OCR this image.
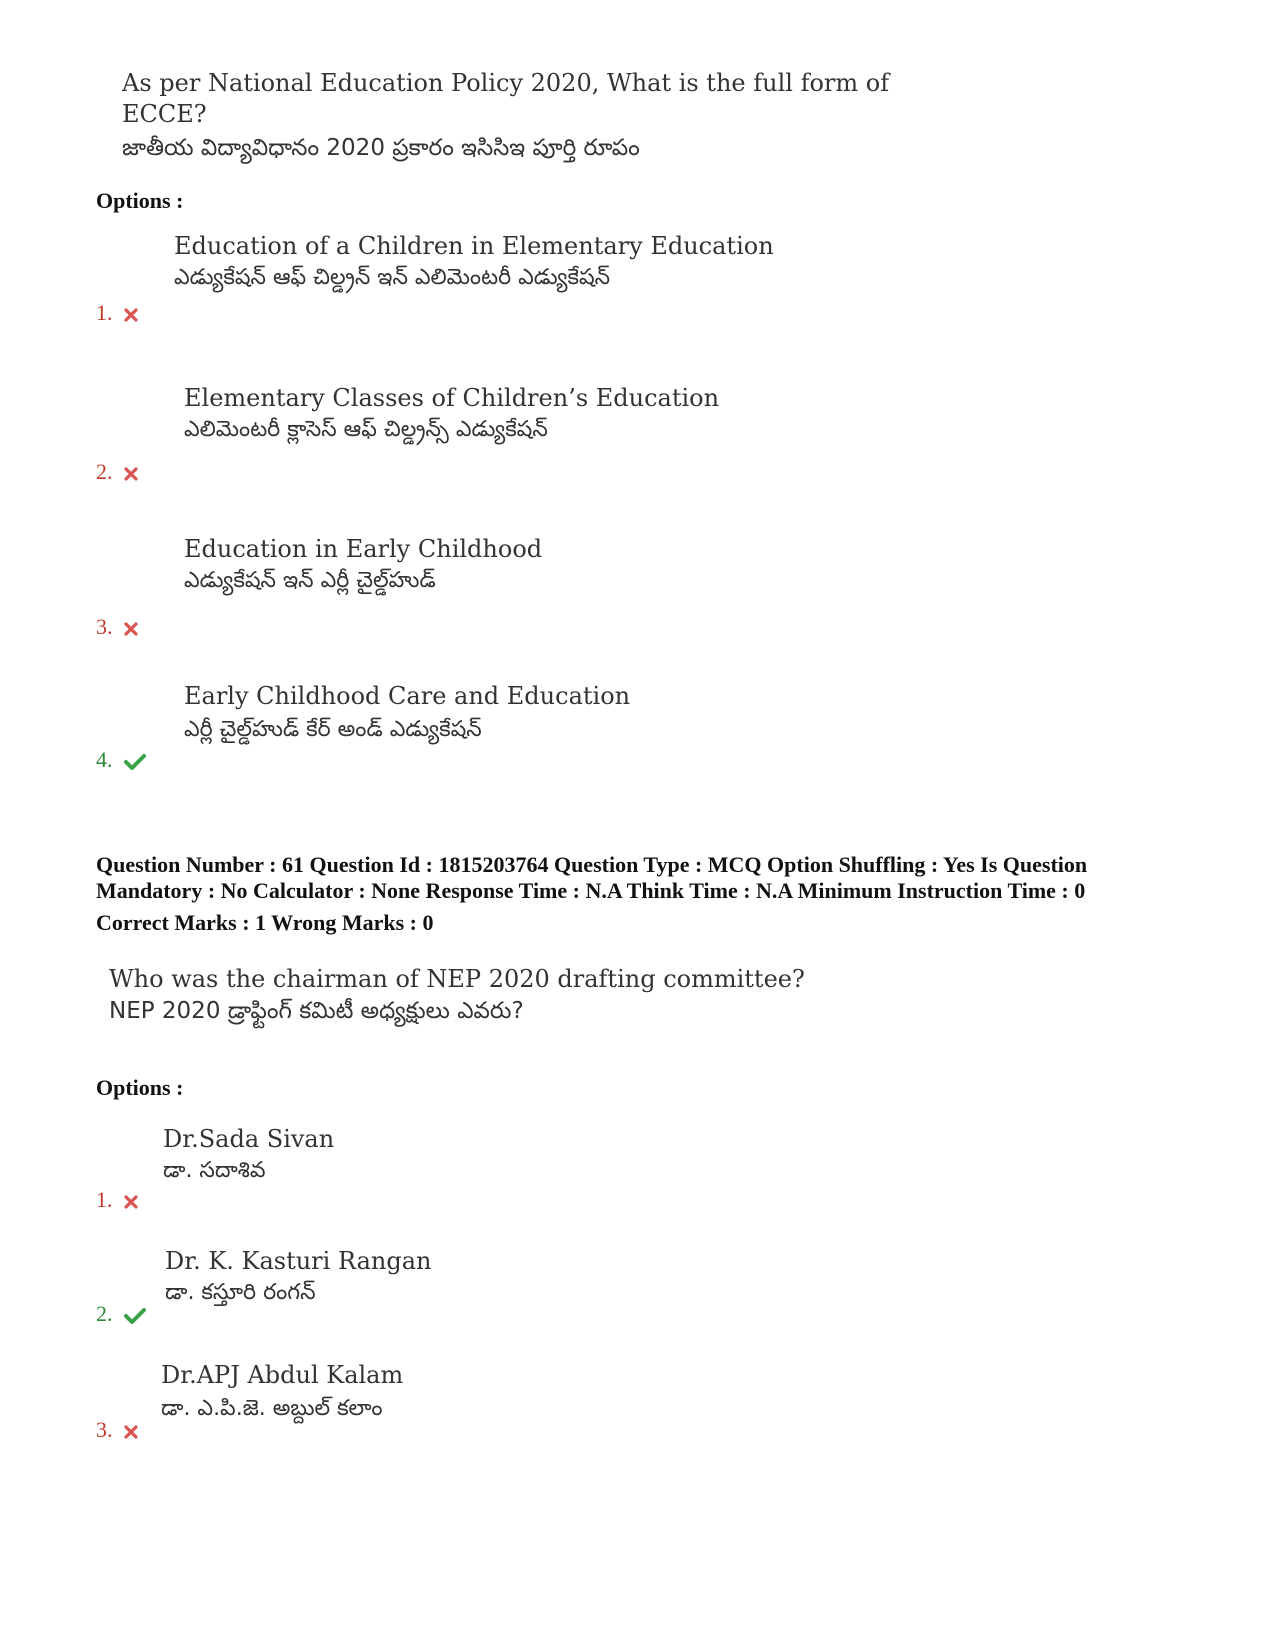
As per National Education Policy 2020, What is the full form of ECCE?
జాతీయ విద్యావిధానం 2020 ప్రకారం ఇసిసిఇ పూర్తి రూపం
Options :
Education of a Children in Elementary Education
ఎడ్యుకేషన్ ఆఫ్ చిల్డ్రన్ ఇన్ ఎలిమెంటరీ ఎడ్యుకేషన్
1.
Elementary Classes of Children’s Education
ఎలిమెంటరీ క్లాసెస్ ఆఫ్ చిల్డ్రన్స్ ఎడ్యుకేషన్
2.
Education in Early Childhood
ఎడ్యుకేషన్ ఇన్ ఎర్లీ చైల్డ్‌హుడ్
3.
Early Childhood Care and Education
ఎర్లీ చైల్డ్‌హుడ్ కేర్ అండ్ ఎడ్యుకేషన్
4.
Question Number : 61 Question Id : 1815203764 Question Type : MCQ Option Shuffling : Yes Is Question
Mandatory : No Calculator : None Response Time : N.A Think Time : N.A Minimum Instruction Time : 0
Correct Marks : 1 Wrong Marks : 0
Who was the chairman of NEP 2020 drafting committee?
NEP 2020 డ్రాఫ్టింగ్ కమిటీ అధ్యక్షులు ఎవరు?
Options :
Dr.Sada Sivan
డా. సదాశివ
1.
Dr. K. Kasturi Rangan
డా. కస్తూరి రంగన్
2.
Dr.APJ Abdul Kalam
డా. ఎ.పి.జె. అబ్దుల్ కలాం
3.
